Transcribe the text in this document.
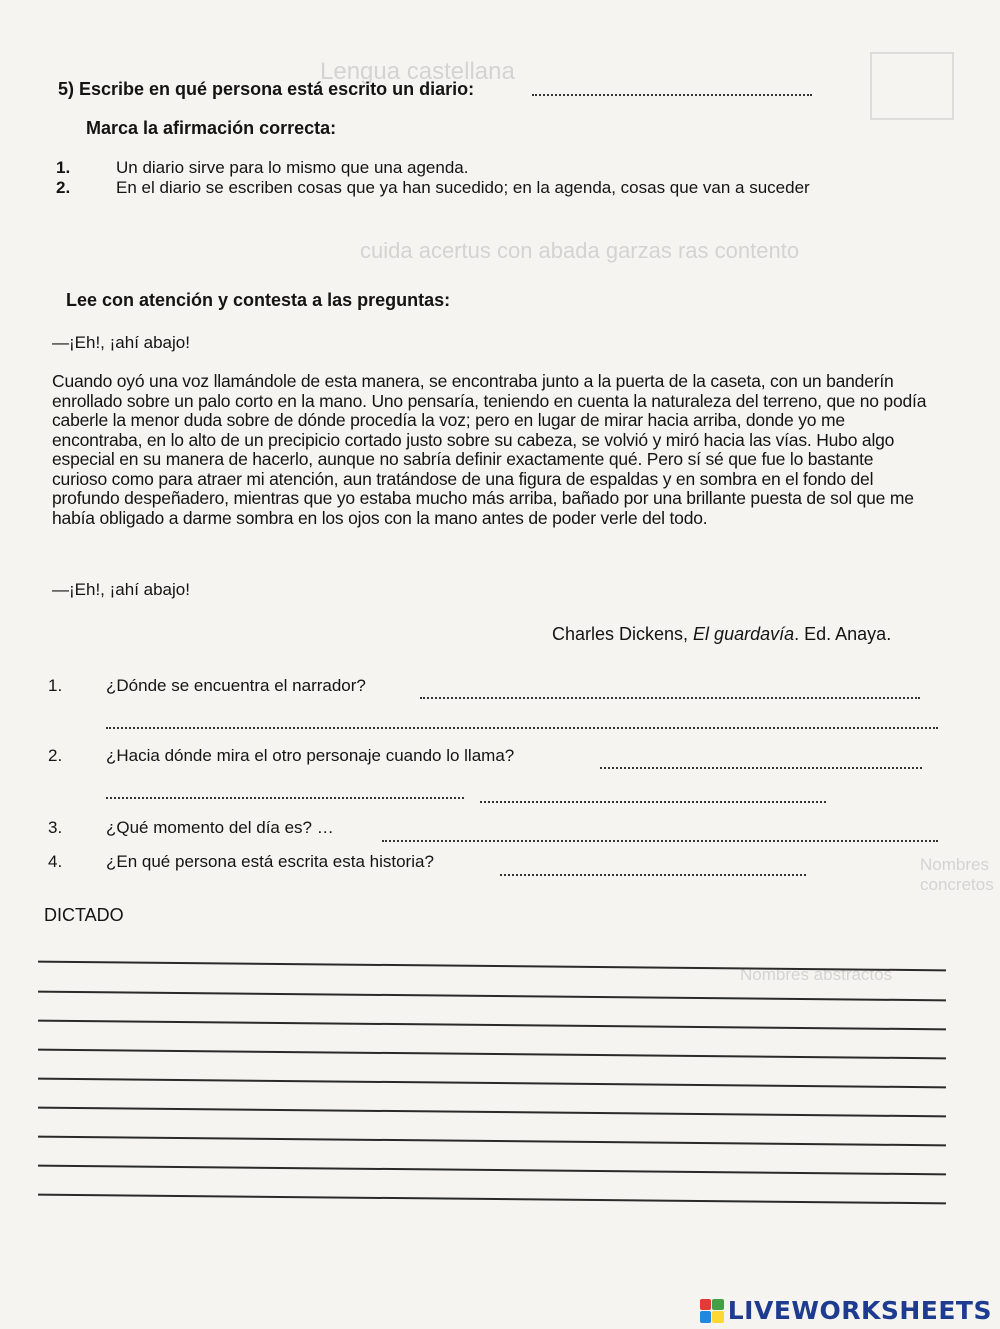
Lengua castellana
cuida acertus con abada garzas ras contento
Nombres abstractos
Nombres concretos
5) Escribe en qué persona está escrito un diario:
Marca la afirmación correcta:
1.	Un diario sirve para lo mismo que una agenda.
2.	En el diario se escriben cosas que ya han sucedido; en la agenda, cosas que van a suceder
Lee con atención y contesta a las preguntas:
—¡Eh!, ¡ahí abajo!
Cuando oyó una voz llamándole de esta manera, se encontraba junto a la puerta de la caseta, con un banderín enrollado sobre un palo corto en la mano. Uno pensaría, teniendo en cuenta la naturaleza del terreno, que no podía caberle la menor duda sobre de dónde procedía la voz; pero en lugar de mirar hacia arriba, donde yo me encontraba, en lo alto de un precipicio cortado justo sobre su cabeza, se volvió y miró hacia las vías. Hubo algo especial en su manera de hacerlo, aunque no sabría definir exactamente qué. Pero sí sé que fue lo bastante curioso como para atraer mi atención, aun tratándose de una figura de espaldas y en sombra en el fondo del profundo despeñadero, mientras que yo estaba mucho más arriba, bañado por una brillante puesta de sol que me había obligado a darme sombra en los ojos con la mano antes de poder verle del todo.
—¡Eh!, ¡ahí abajo!
Charles Dickens, El guardavía. Ed. Anaya.
1.	¿Dónde se encuentra el narrador?
2.	¿Hacia dónde mira el otro personaje cuando lo llama?
3.	¿Qué momento del día es? …
4.	¿En qué persona está escrita esta historia?
DICTADO
LIVEWORKSHEETS
